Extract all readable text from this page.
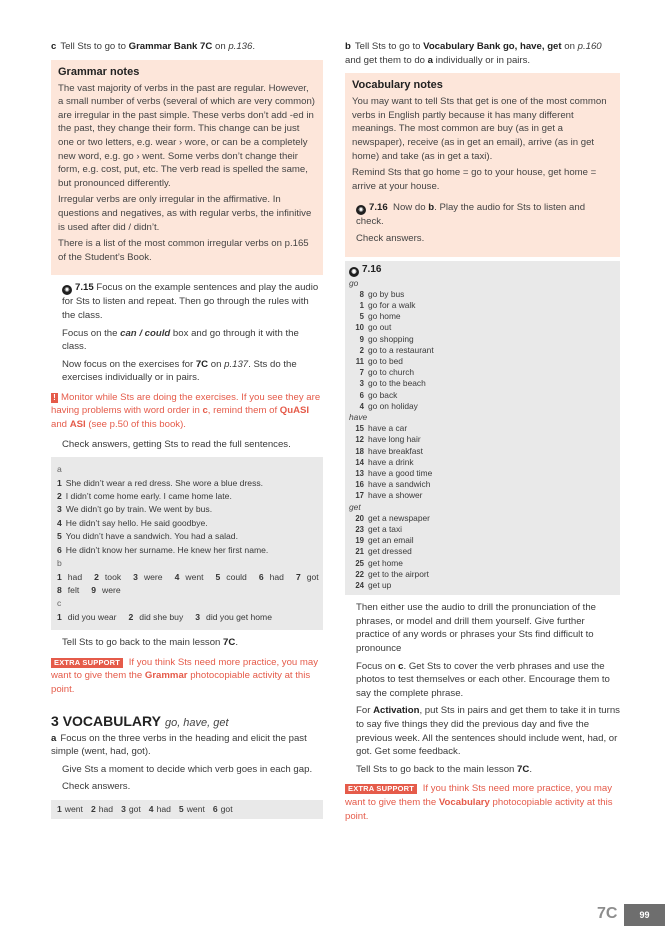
c Tell Sts to go to Grammar Bank 7C on p.136.

Grammar notes

The vast majority of verbs in the past are regular. However, a small number of verbs (several of which are very common) are irregular in the past simple. These verbs don’t add -ed in the past, they change their form. This change can be just one or two letters, e.g. wear › wore, or can be a completely new word, e.g. go › went. Some verbs don’t change their form, e.g. cost, put, etc. The verb read is spelled the same, but pronounced differently.

Irregular verbs are only irregular in the affirmative. In questions and negatives, as with regular verbs, the infinitive is used after did / didn’t.

There is a list of the most common irregular verbs on p.165 of the Student’s Book.

◉ 7.15 Focus on the example sentences and play the audio for Sts to listen and repeat. Then go through the rules with the class.

Focus on the can / could box and go through it with the class.

Now focus on the exercises for 7C on p.137. Sts do the exercises individually or in pairs.

! Monitor while Sts are doing the exercises. If you see they are having problems with word order in c, remind them of QuASI and ASI (see p.50 of this book).

Check answers, getting Sts to read the full sentences.

a
1 She didn’t wear a red dress. She wore a blue dress.
2 I didn’t come home early. I came home late.
3 We didn’t go by train. We went by bus.
4 He didn’t say hello. He said goodbye.
5 You didn’t have a sandwich. You had a salad.
6 He didn’t know her surname. He knew her first name.
b
1 had 2 took 3 were 4 went 5 could 6 had 7 got
8 felt 9 were
c
1 did you wear 2 did she buy 3 did you get home

Tell Sts to go back to the main lesson 7C.

EXTRA SUPPORT If you think Sts need more practice, you may want to give them the Grammar photocopiable activity at this point.

3 VOCABULARY go, have, get

a Focus on the three verbs in the heading and elicit the past simple (went, had, got).

Give Sts a moment to decide which verb goes in each gap.

Check answers.

1 went 2 had 3 got 4 had 5 went 6 got

b Tell Sts to go to Vocabulary Bank go, have, get on p.160 and get them to do a individually or in pairs.

Vocabulary notes

You may want to tell Sts that get is one of the most common verbs in English partly because it has many different meanings. The most common are buy (as in get a newspaper), receive (as in get an email), arrive (as in get home) and take (as in get a taxi).

Remind Sts that go home = go to your house, get home = arrive at your house.

◉ 7.16 Now do b. Play the audio for Sts to listen and check.

Check answers.

◉ 7.16
go
8 go by bus
1 go for a walk
5 go home
10 go out
9 go shopping
2 go to a restaurant
11 go to bed
7 go to church
3 go to the beach
6 go back
4 go on holiday
have
15 have a car
12 have long hair
18 have breakfast
14 have a drink
13 have a good time
16 have a sandwich
17 have a shower
get
20 get a newspaper
23 get a taxi
19 get an email
21 get dressed
25 get home
22 get to the airport
24 get up

Then either use the audio to drill the pronunciation of the phrases, or model and drill them yourself. Give further practice of any words or phrases your Sts find difficult to pronounce

Focus on c. Get Sts to cover the verb phrases and use the photos to test themselves or each other. Encourage them to say the complete phrase.

For Activation, put Sts in pairs and get them to take it in turns to say five things they did the previous day and five the previous week. All the sentences should include went, had, or got. Get some feedback.

Tell Sts to go back to the main lesson 7C.

EXTRA SUPPORT If you think Sts need more practice, you may want to give them the Vocabulary photocopiable activity at this point.

7C	99
